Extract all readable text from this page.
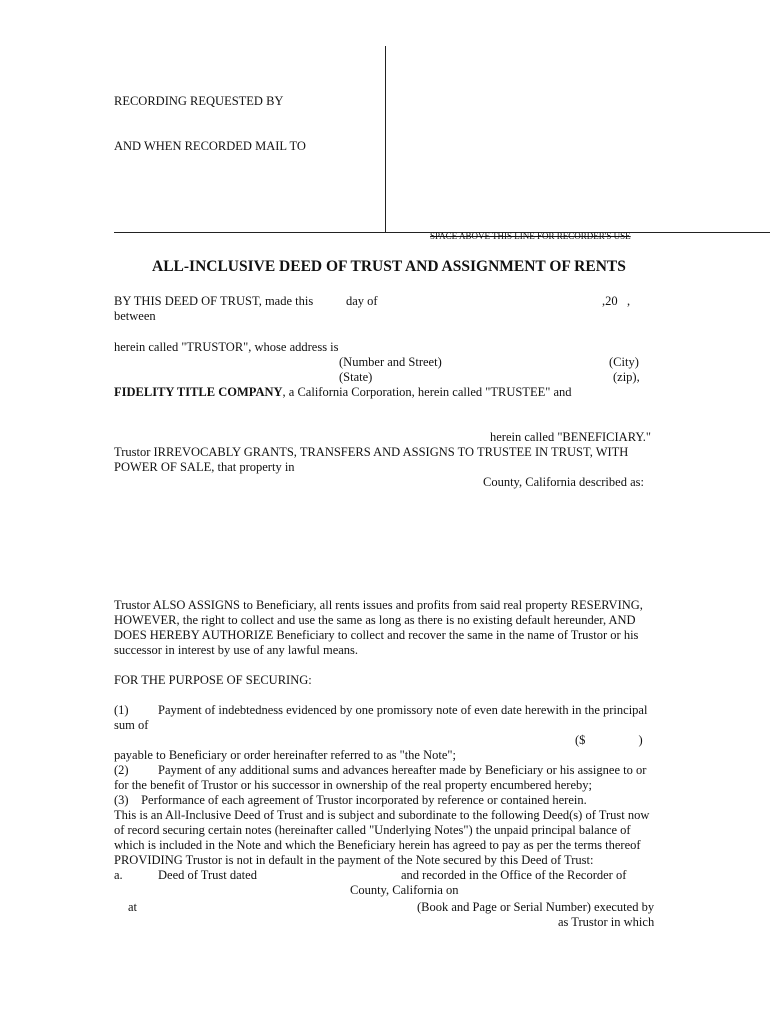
RECORDING REQUESTED BY
AND WHEN RECORDED MAIL TO
SPACE ABOVE THIS LINE FOR RECORDER'S USE
ALL-INCLUSIVE DEED OF TRUST AND ASSIGNMENT OF RENTS
BY THIS DEED OF TRUST, made this	day of	,20   ,
between
herein called "TRUSTOR", whose address is
(Number and Street)	(City)
(State)	(zip),
FIDELITY TITLE COMPANY, a California Corporation, herein called "TRUSTEE" and
herein called "BENEFICIARY."
Trustor IRREVOCABLY GRANTS, TRANSFERS AND ASSIGNS TO TRUSTEE IN TRUST, WITH
POWER OF SALE, that property in
County, California described as:
Trustor ALSO ASSIGNS to Beneficiary, all rents issues and profits from said real property RESERVING,
HOWEVER, the right to collect and use the same as long as there is no existing default hereunder, AND
DOES HEREBY AUTHORIZE Beneficiary to collect and recover the same in the name of Trustor or his
successor in interest by use of any lawful means.
FOR THE PURPOSE OF SECURING:
(1) Payment of indebtedness evidenced by one promissory note of even date herewith in the principal
sum of
($                 )
payable to Beneficiary or order hereinafter referred to as "the Note";
(2) Payment of any additional sums and advances hereafter made by Beneficiary or his assignee to or
for the benefit of Trustor or his successor in ownership of the real property encumbered hereby;
(3)    Performance of each agreement of Trustor incorporated by reference or contained herein.
This is an All-Inclusive Deed of Trust and is subject and subordinate to the following Deed(s) of Trust now
of record securing certain notes (hereinafter called "Underlying Notes") the unpaid principal balance of
which is included in the Note and which the Beneficiary herein has agreed to pay as per the terms thereof
PROVIDING Trustor is not in default in the payment of the Note secured by this Deed of Trust:
a.	Deed of Trust dated	and recorded in the Office of the Recorder of
County, California on
at	(Book and Page or Serial Number) executed by
as Trustor in which
